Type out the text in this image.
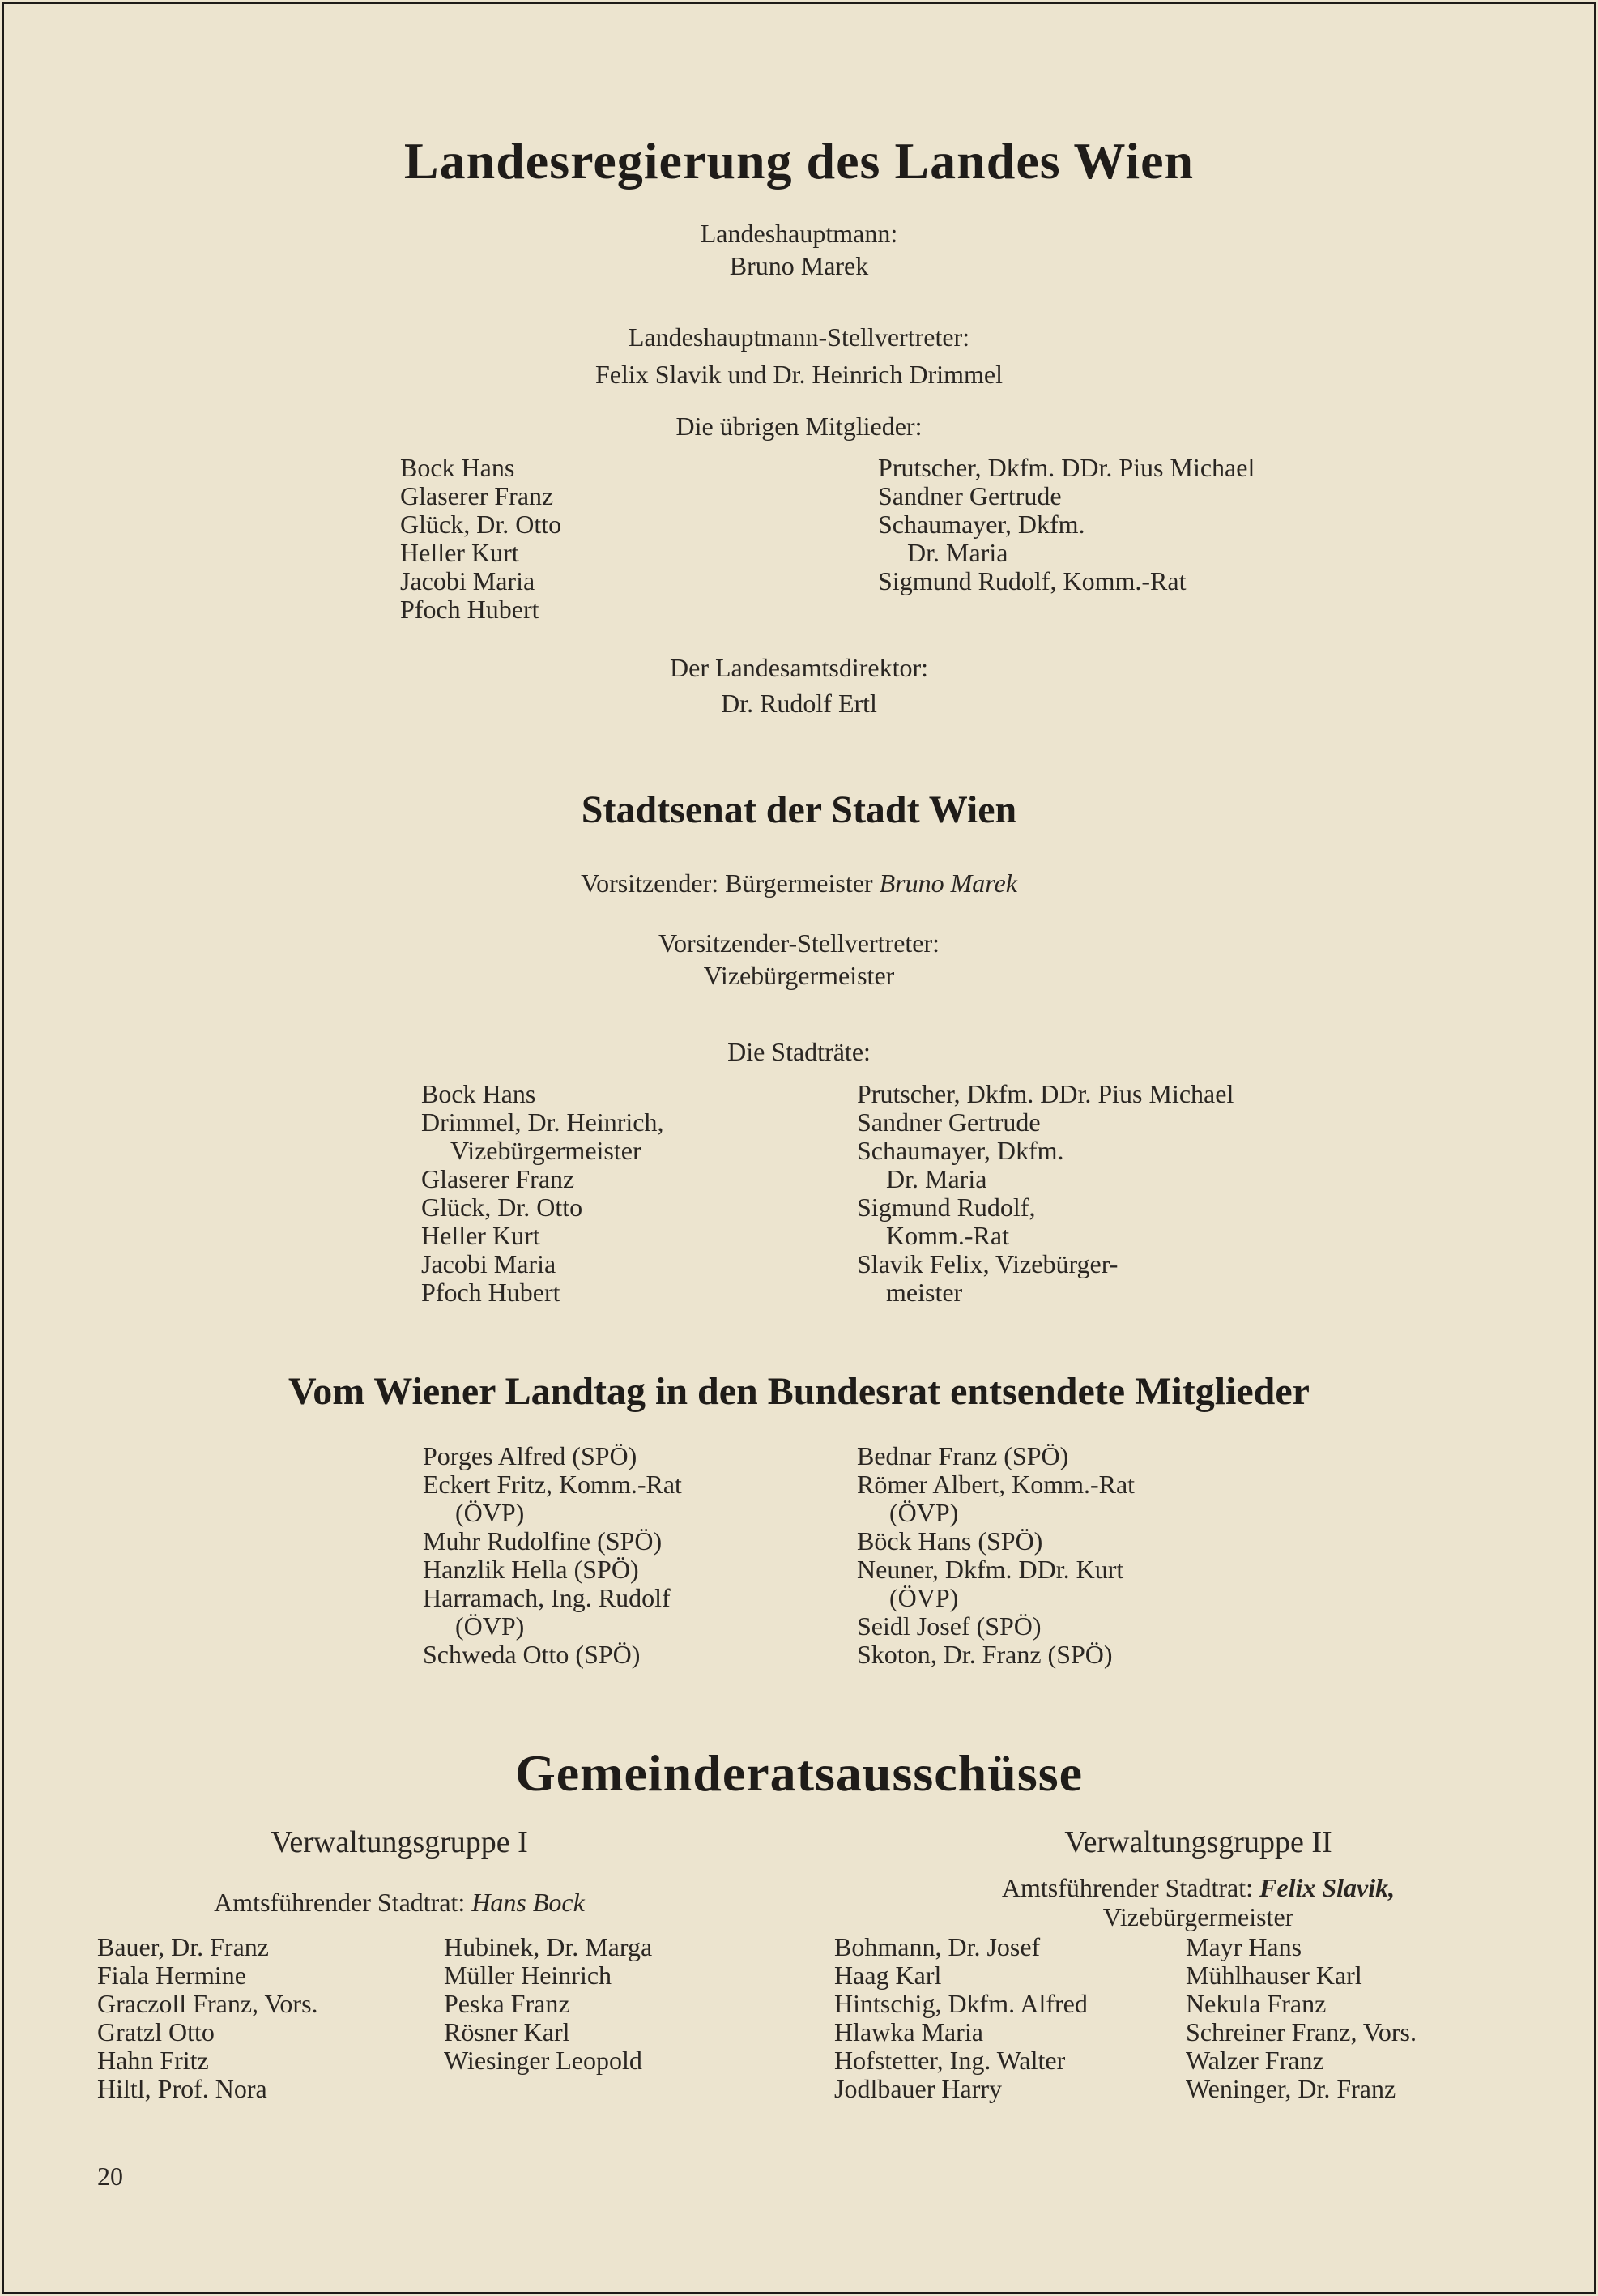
Landesregierung des Landes Wien
Landeshauptmann:
Bruno Marek
Landeshauptmann-Stellvertreter:
Felix Slavik und Dr. Heinrich Drimmel
Die übrigen Mitglieder:
Bock Hans
Glaserer Franz
Glück, Dr. Otto
Heller Kurt
Jacobi Maria
Pfoch Hubert
Prutscher, Dkfm. DDr. Pius Michael
Sandner Gertrude
Schaumayer, Dkfm.
Dr. Maria
Sigmund Rudolf, Komm.-Rat
Der Landesamtsdirektor:
Dr. Rudolf Ertl
Stadtsenat der Stadt Wien
Vorsitzender: Bürgermeister Bruno Marek
Vorsitzender-Stellvertreter:
Vizebürgermeister
Die Stadträte:
Bock Hans
Drimmel, Dr. Heinrich,
Vizebürgermeister
Glaserer Franz
Glück, Dr. Otto
Heller Kurt
Jacobi Maria
Pfoch Hubert
Prutscher, Dkfm. DDr. Pius Michael
Sandner Gertrude
Schaumayer, Dkfm.
Dr. Maria
Sigmund Rudolf,
Komm.-Rat
Slavik Felix, Vizebürger-
meister
Vom Wiener Landtag in den Bundesrat entsendete Mitglieder
Porges Alfred (SPÖ)
Eckert Fritz, Komm.-Rat
(ÖVP)
Muhr Rudolfine (SPÖ)
Hanzlik Hella (SPÖ)
Harramach, Ing. Rudolf
(ÖVP)
Schweda Otto (SPÖ)
Bednar Franz (SPÖ)
Römer Albert, Komm.-Rat
(ÖVP)
Böck Hans (SPÖ)
Neuner, Dkfm. DDr. Kurt
(ÖVP)
Seidl Josef (SPÖ)
Skoton, Dr. Franz (SPÖ)
Gemeinderatsausschüsse
Verwaltungsgruppe I
Amtsführender Stadtrat: Hans Bock
Bauer, Dr. Franz
Fiala Hermine
Graczoll Franz, Vors.
Gratzl Otto
Hahn Fritz
Hiltl, Prof. Nora
Hubinek, Dr. Marga
Müller Heinrich
Peska Franz
Rösner Karl
Wiesinger Leopold
Verwaltungsgruppe II
Amtsführender Stadtrat: Felix Slavik,
Vizebürgermeister
Bohmann, Dr. Josef
Haag Karl
Hintschig, Dkfm. Alfred
Hlawka Maria
Hofstetter, Ing. Walter
Jodlbauer Harry
Mayr Hans
Mühlhauser Karl
Nekula Franz
Schreiner Franz, Vors.
Walzer Franz
Weninger, Dr. Franz
20
